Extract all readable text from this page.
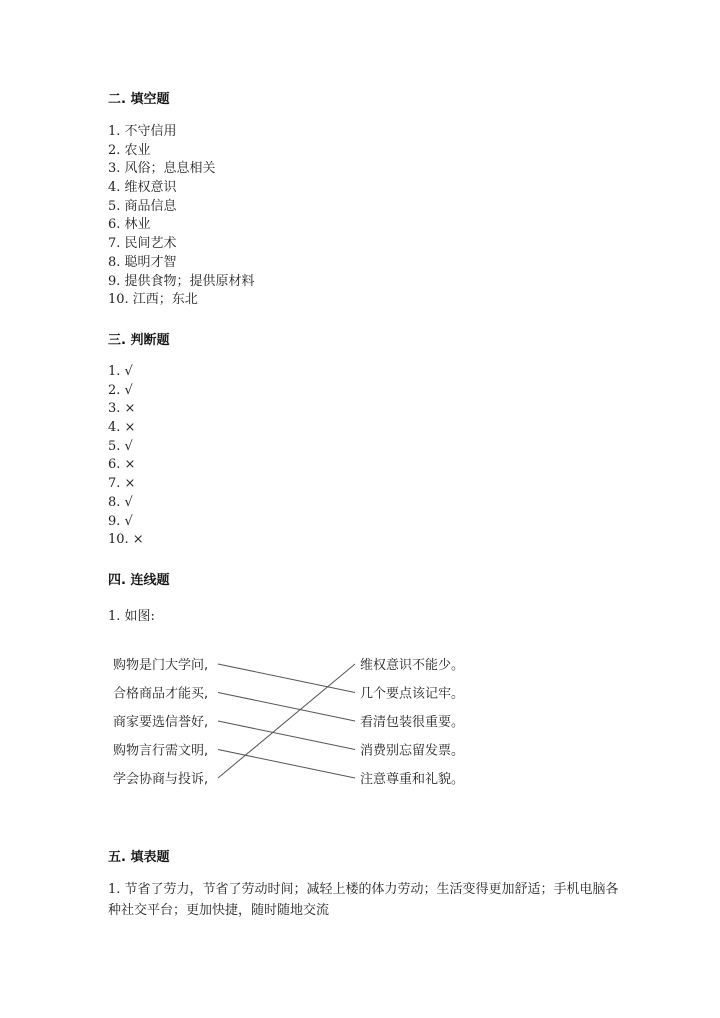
二. 填空题
1. 不守信用
2. 农业
3. 风俗；息息相关
4. 维权意识
5. 商品信息
6. 林业
7. 民间艺术
8. 聪明才智
9. 提供食物；提供原材料
10. 江西；东北
三. 判断题
1. √
2. √
3. ×
4. ×
5. √
6. ×
7. ×
8. √
9. √
10. ×
四. 连线题
1. 如图:
购物是门大学问,
合格商品才能买,
商家要选信誉好,
购物言行需文明,
学会协商与投诉,
维权意识不能少。
几个要点该记牢。
看清包装很重要。
消费别忘留发票。
注意尊重和礼貌。
五. 填表题
1. 节省了劳力，节省了劳动时间；减轻上楼的体力劳动；生活变得更加舒适；手机电脑各种社交平台；更加快捷，随时随地交流
